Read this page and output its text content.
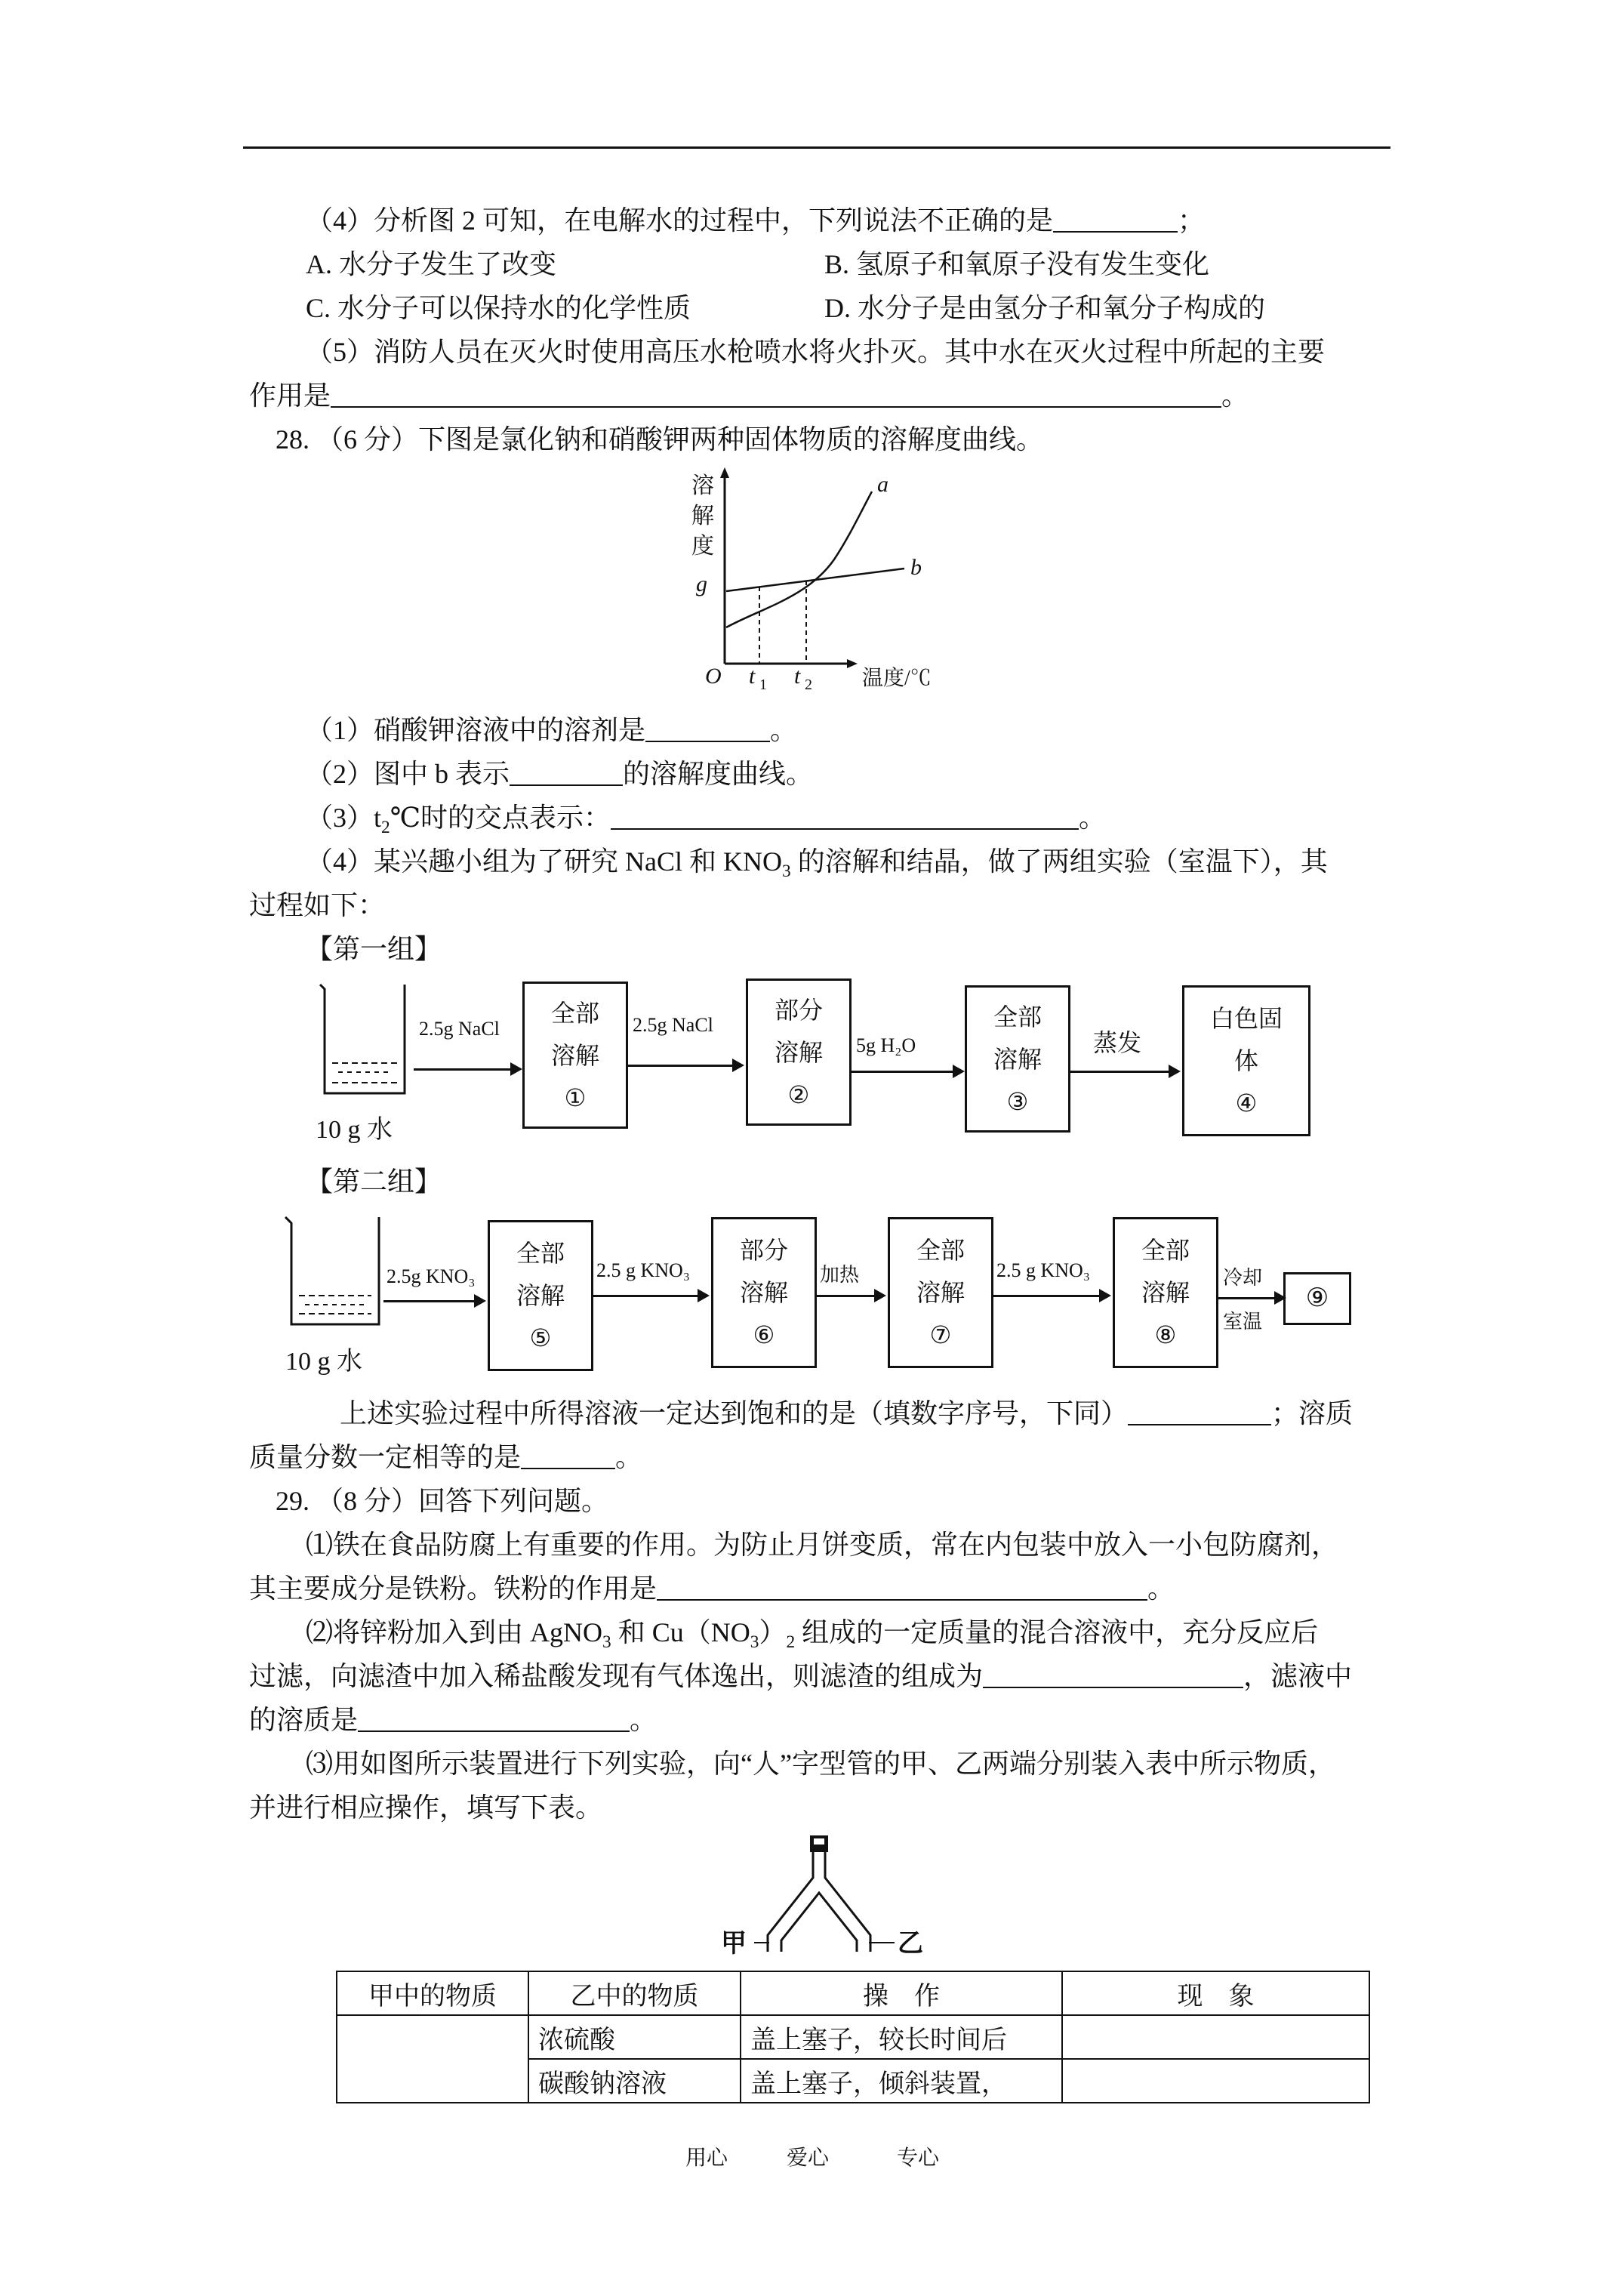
（4）分析图 2 可知，在电解水的过程中，下列说法不正确的是	；
A. 水分子发生了改变	B. 氢原子和氧原子没有发生变化
C. 水分子可以保持水的化学性质	D. 水分子是由氢分子和氧分子构成的
（5）消防人员在灭火时使用高压水枪喷水将火扑灭。其中水在灭火过程中所起的主要
作用是	。
28. （6 分）下图是氯化钠和硝酸钾两种固体物质的溶解度曲线。
溶
解
度
g
O t 1 t 2 温度/℃
a
b
（1）硝酸钾溶液中的溶剂是	。
（2）图中 b 表示	的溶解度曲线。
$(3)t_2℃$时的交点表示：	。
（4）某兴趣小组为了研究 NaCl 和 $KNO_3$ 的溶解和结晶，做了两组实验（室温下），其
过程如下：
【第一组】
10 g 水
2.5g NaCl
全部
溶解
①
2.5g NaCl
部分
溶解
②
5g H₂O
全部
溶解
③
蒸发
白色固
体
④
【第二组】
10 g 水
2.5g KNO₃
全部
溶解
⑤
2.5 g KNO₃
部分
溶解
⑥
加热
全部
溶解
⑦
2.5 g KNO₃
全部
溶解
⑧
冷却
室温
⑨
上述实验过程中所得溶液一定达到饱和的是（填数字序号，下同）	；溶质
质量分数一定相等的是	。
29. （8 分）回答下列问题。
⑴铁在食品防腐上有重要的作用。为防止月饼变质，常在内包装中放入一小包防腐剂，
其主要成分是铁粉。铁粉的作用是	。
⑵将锌粉加入到由 AgNO$_3$ 和 $Cu(NO_3)_2$ 组成的一定质量的混合溶液中，充分反应后
过滤，向滤渣中加入稀盐酸发现有气体逸出，则滤渣的组成为	，滤液中
的溶质是	。
⑶用如图所示装置进行下列实验，向“人”字型管的甲、乙两端分别装入表中所示物质，
并进行相应操作，填写下表。
甲	乙
甲中的物质	乙中的物质	操　作	现　象
	浓硫酸	盖上塞子，较长时间后	
	碳酸钠溶液	盖上塞子，倾斜装置，	
用心	爱心	专心
